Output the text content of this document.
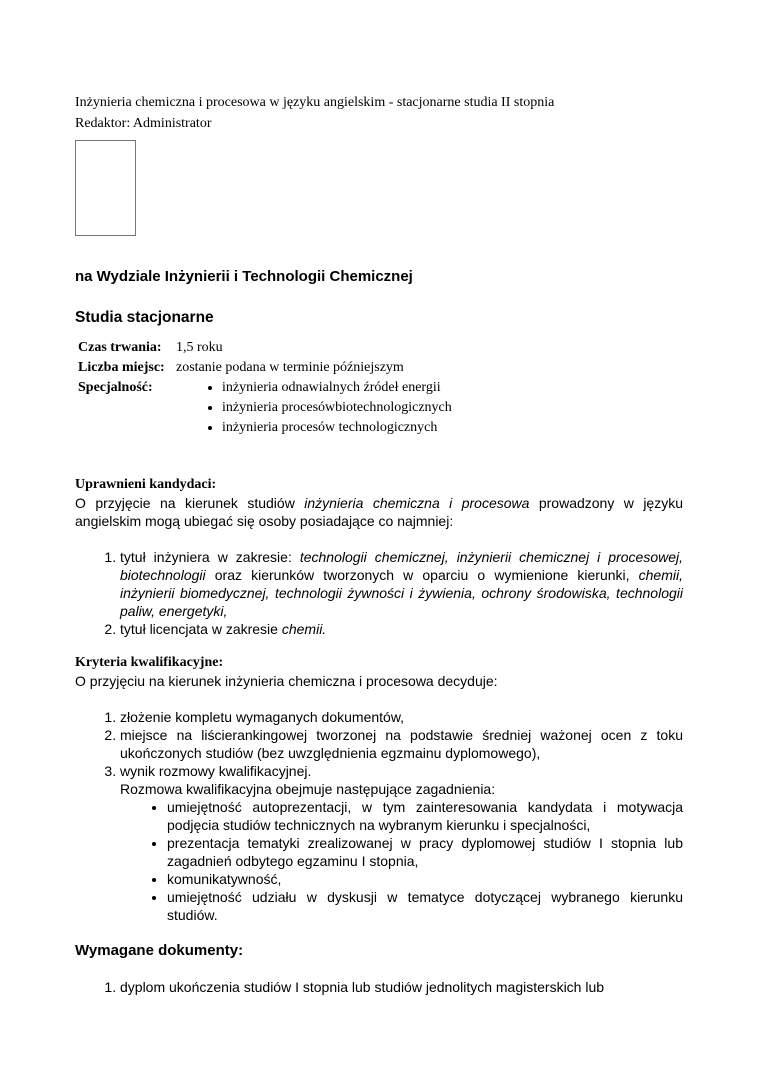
Inżynieria chemiczna i procesowa w języku angielskim - stacjonarne studia II stopnia
Redaktor: Administrator
na Wydziale Inżynierii i Technologii Chemicznej
Studia stacjonarne
Czas trwania: 1,5 roku
Liczba miejsc: zostanie podana w terminie późniejszym
Specjalność:	• inżynieria odnawialnych źródeł energii
• inżynieria procesówbiotechnologicznych
• inżynieria procesów technologicznych
Uprawnieni kandydaci:
O przyjęcie na kierunek studiów inżynieria chemiczna i procesowa prowadzony w języku angielskim mogą ubiegać się osoby posiadające co najmniej:
1. tytuł inżyniera w zakresie: technologii chemicznej, inżynierii chemicznej i procesowej, biotechnologii oraz kierunków tworzonych w oparciu o wymienione kierunki, chemii, inżynierii biomedycznej, technologii żywności i żywienia, ochrony środowiska, technologii paliw, energetyki,
2. tytuł licencjata w zakresie chemii.
Kryteria kwalifikacyjne:
O przyjęciu na kierunek inżynieria chemiczna i procesowa decyduje:
1. złożenie kompletu wymaganych dokumentów,
2. miejsce na liścierankingowej tworzonej na podstawie średniej ważonej ocen z toku ukończonych studiów (bez uwzględnienia egzmainu dyplomowego),
3. wynik rozmowy kwalifikacyjnej.
Rozmowa kwalifikacyjna obejmuje następujące zagadnienia:
• umiejętność autoprezentacji, w tym zainteresowania kandydata i motywacja podjęcia studiów technicznych na wybranym kierunku i specjalności,
• prezentacja tematyki zrealizowanej w pracy dyplomowej studiów I stopnia lub zagadnień odbytego egzaminu I stopnia,
• komunikatywność,
• umiejętność udziału w dyskusji w tematyce dotyczącej wybranego kierunku studiów.
Wymagane dokumenty:
1. dyplom ukończenia studiów I stopnia lub studiów jednolitych magisterskich lub
